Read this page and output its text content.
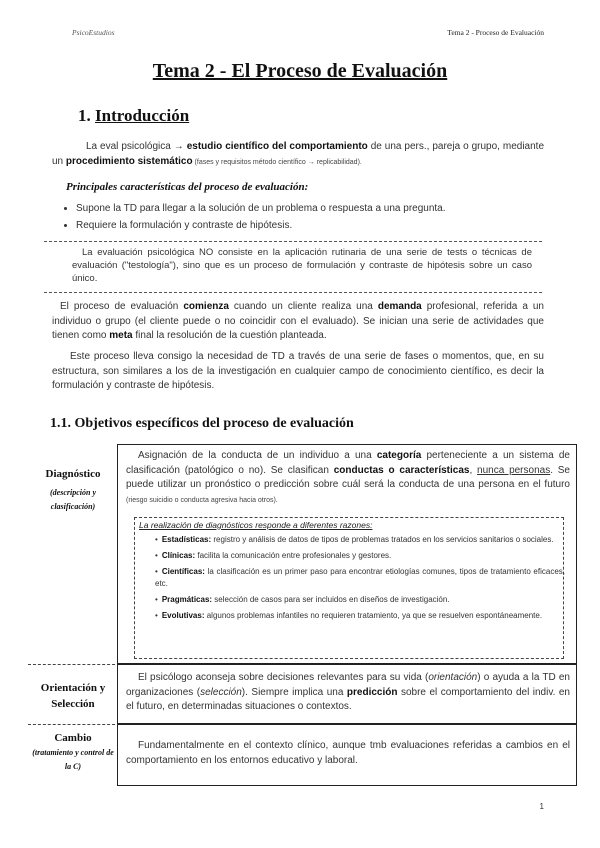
PsicoEstudios	Tema 2 - Proceso de Evaluación
Tema 2 - El Proceso de Evaluación
1. Introducción
La eval psicológica → estudio científico del comportamiento de una pers., pareja o grupo, mediante un procedimiento sistemático (fases y requisitos método científico → replicabilidad).
Principales características del proceso de evaluación:
• Supone la TD para llegar a la solución de un problema o respuesta a una pregunta.
• Requiere la formulación y contraste de hipótesis.
La evaluación psicológica NO consiste en la aplicación rutinaria de una serie de tests o técnicas de evaluación ("testología"), sino que es un proceso de formulación y contraste de hipótesis sobre un caso único.
El proceso de evaluación comienza cuando un cliente realiza una demanda profesional, referida a un individuo o grupo (el cliente puede o no coincidir con el evaluado). Se inician una serie de actividades que tienen como meta final la resolución de la cuestión planteada.
Este proceso lleva consigo la necesidad de TD a través de una serie de fases o momentos, que, en su estructura, son similares a los de la investigación en cualquier campo de conocimiento científico, es decir la formulación y contraste de hipótesis.
1.1. Objetivos específicos del proceso de evaluación
Diagnóstico
(descripción y clasificación)
Asignación de la conducta de un individuo a una categoría perteneciente a un sistema de clasificación (patológico o no). Se clasifican conductas o características, nunca personas. Se puede utilizar un pronóstico o predicción sobre cuál será la conducta de una persona en el futuro (riesgo suicidio o conducta agresiva hacia otros).
La realización de diagnósticos responde a diferentes razones:
• Estadísticas: registro y análisis de datos de tipos de problemas tratados en los servicios sanitarios o sociales.
• Clínicas: facilita la comunicación entre profesionales y gestores.
• Científicas: la clasificación es un primer paso para encontrar etiologías comunes, tipos de tratamiento eficaces, etc.
• Pragmáticas: selección de casos para ser incluidos en diseños de investigación.
• Evolutivas: algunos problemas infantiles no requieren tratamiento, ya que se resuelven espontáneamente.
Orientación y Selección
El psicólogo aconseja sobre decisiones relevantes para su vida (orientación) o ayuda a la TD en organizaciones (selección). Siempre implica una predicción sobre el comportamiento del indiv. en el futuro, en determinadas situaciones o contextos.
Cambio
(tratamiento y control de la C)
Fundamentalmente en el contexto clínico, aunque tmb evaluaciones referidas a cambios en el comportamiento en los entornos educativo y laboral.
1
